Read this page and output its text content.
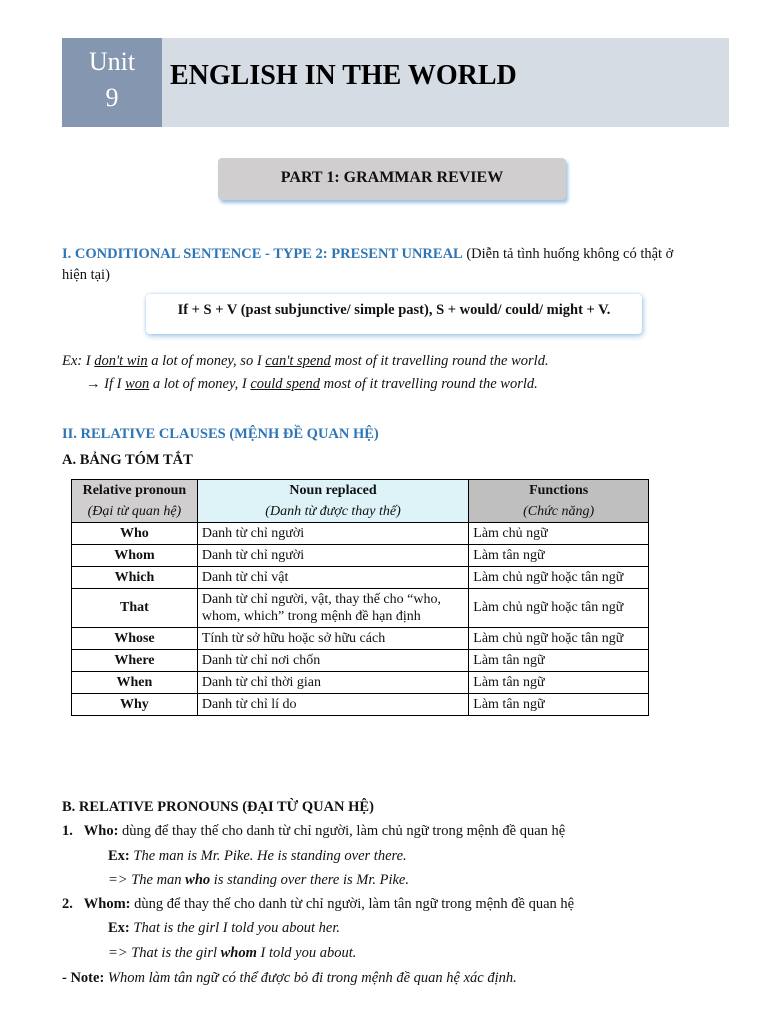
Unit
9
ENGLISH IN THE WORLD
PART 1: GRAMMAR REVIEW
I. CONDITIONAL SENTENCE - TYPE 2: PRESENT UNREAL (Diễn tả tình huống không có thật ở
hiện tại)
If + S + V (past subjunctive/ simple past), S + would/ could/ might + V.
Ex: I don't win a lot of money, so I can't spend most of it travelling round the world.
→ If I won a lot of money, I could spend most of it travelling round the world.
II. RELATIVE CLAUSES (MỆNH ĐỀ QUAN HỆ)
A. BẢNG TÓM TẮT
Relative pronoun	Noun replaced	Functions
(Đại từ quan hệ)	(Danh từ được thay thế)	(Chức năng)
Who	Danh từ chỉ người	Làm chủ ngữ
Whom	Danh từ chỉ người	Làm tân ngữ
Which	Danh từ chỉ vật	Làm chủ ngữ hoặc tân ngữ
That	Danh từ chỉ người, vật, thay thế cho “who, whom, which” trong mệnh đề hạn định	Làm chủ ngữ hoặc tân ngữ
Whose	Tính từ sở hữu hoặc sở hữu cách	Làm chủ ngữ hoặc tân ngữ
Where	Danh từ chỉ nơi chốn	Làm tân ngữ
When	Danh từ chỉ thời gian	Làm tân ngữ
Why	Danh từ chỉ lí do	Làm tân ngữ
B. RELATIVE PRONOUNS (ĐẠI TỪ QUAN HỆ)
1. Who: dùng để thay thế cho danh từ chỉ người, làm chủ ngữ trong mệnh đề quan hệ
Ex: The man is Mr. Pike. He is standing over there.
=> The man who is standing over there is Mr. Pike.
2. Whom: dùng để thay thế cho danh từ chỉ người, làm tân ngữ trong mệnh đề quan hệ
Ex: That is the girl I told you about her.
=> That is the girl whom I told you about.
- Note: Whom làm tân ngữ có thể được bỏ đi trong mệnh đề quan hệ xác định.
